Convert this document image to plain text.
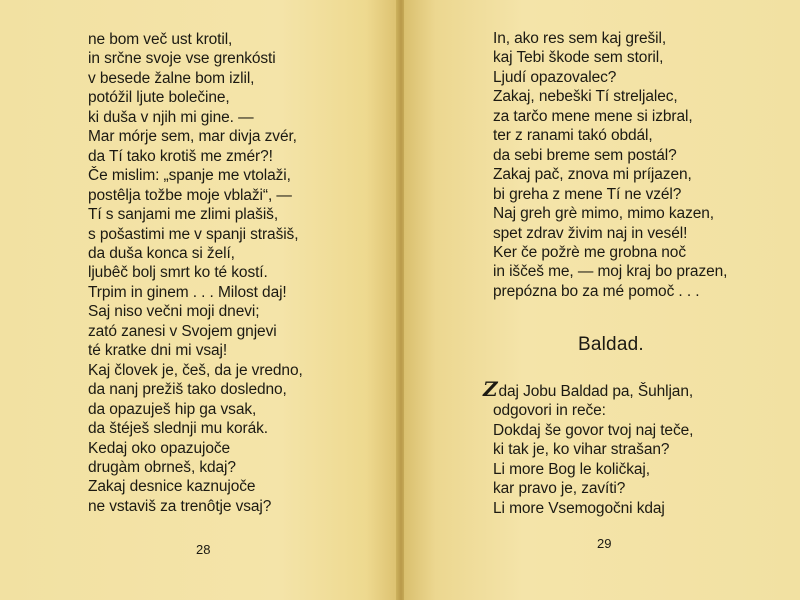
ne bom več ust krotil,
in srčne svoje vse grenkósti
v besede žalne bom izlil,
potóžil ljute bolečine,
ki duša v njih mi gine. —
Mar mórje sem, mar divja zvér,
da Tí tako krotiš me zmér?!
Če mislim: „spanje me vtolaži,
postêlja tožbe moje vblaži“, —
Tí s sanjami me zlimi plašiš,
s pošastimi me v spanji strašiš,
da duša konca si želí,
ljubêč bolj smrt ko té kostí.
Trpim in ginem . . . Milost daj!
Saj niso večni moji dnevi;
zató zanesi v Svojem gnjevi
té kratke dni mi vsaj!
Kaj človek je, češ, da je vredno,
da nanj prežiš tako dosledno,
da opazuješ hip ga vsak,
da štéješ slednji mu korák.
Kedaj oko opazujoče
drugàm obrneš, kdaj?
Zakaj desnice kaznujoče
ne vstaviš za trenôtje vsaj?
28
In, ako res sem kaj grešil,
kaj Tebi škode sem storil,
Ljudí opazovalec?
Zakaj, nebeški Tí streljalec,
za tarčo mene mene si izbral,
ter z ranami takó obdál,
da sebi breme sem postál?
Zakaj pač, znova mi príjazen,
bi greha z mene Tí ne vzél?
Naj greh grè mimo, mimo kazen,
spet zdrav živim naj in vesél!
Ker če požrè me grobna noč
in iščeš me, — moj kraj bo prazen,
prepózna bo za mé pomoč . . .
Baldad.
Zdaj Jobu Baldad pa, Šuhljan,
odgovori in reče:
Dokdaj še govor tvoj naj teče,
ki tak je, ko vihar strašan?
Li more Bog le količkaj,
kar pravo je, zavíti?
Li more Vsemogočni kdaj
29
